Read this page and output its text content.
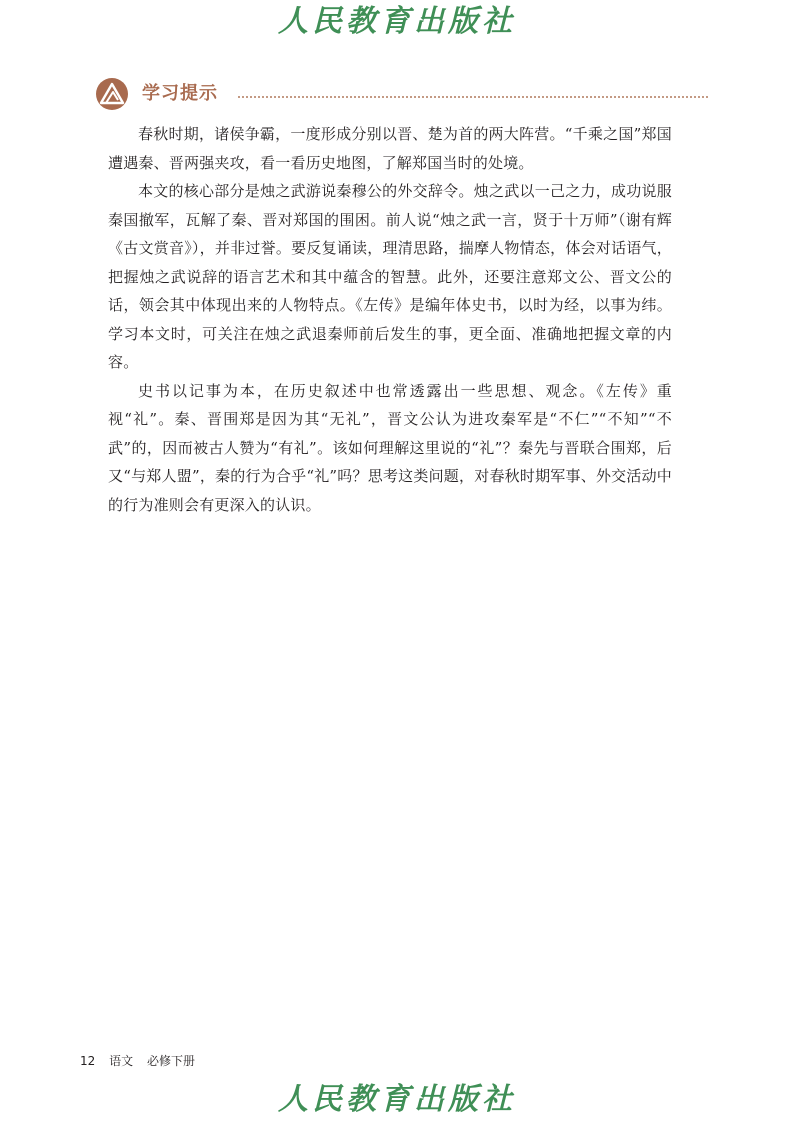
人民教育出版社
学习提示

春秋时期，诸侯争霸，一度形成分别以晋、楚为首的两大阵营。“千乘之国”郑国遭遇秦、晋两强夹攻，看一看历史地图，了解郑国当时的处境。

本文的核心部分是烛之武游说秦穆公的外交辞令。烛之武以一己之力，成功说服秦国撤军，瓦解了秦、晋对郑国的围困。前人说“烛之武一言，贤于十万师”（谢有辉《古文赏音》），并非过誉。要反复诵读，理清思路，揣摩人物情态，体会对话语气，把握烛之武说辞的语言艺术和其中蕴含的智慧。此外，还要注意郑文公、晋文公的话，领会其中体现出来的人物特点。《左传》是编年体史书，以时为经，以事为纬。学习本文时，可关注在烛之武退秦师前后发生的事，更全面、准确地把握文章的内容。

史书以记事为本，在历史叙述中也常透露出一些思想、观念。《左传》重视“礼”。秦、晋围郑是因为其“无礼”，晋文公认为进攻秦军是“不仁”“不知”“不武”的，因而被古人赞为“有礼”。该如何理解这里说的“礼”？秦先与晋联合围郑，后又“与郑人盟”，秦的行为合乎“礼”吗？思考这类问题，对春秋时期军事、外交活动中的行为准则会有更深入的认识。

12 语文 必修下册
人民教育出版社
